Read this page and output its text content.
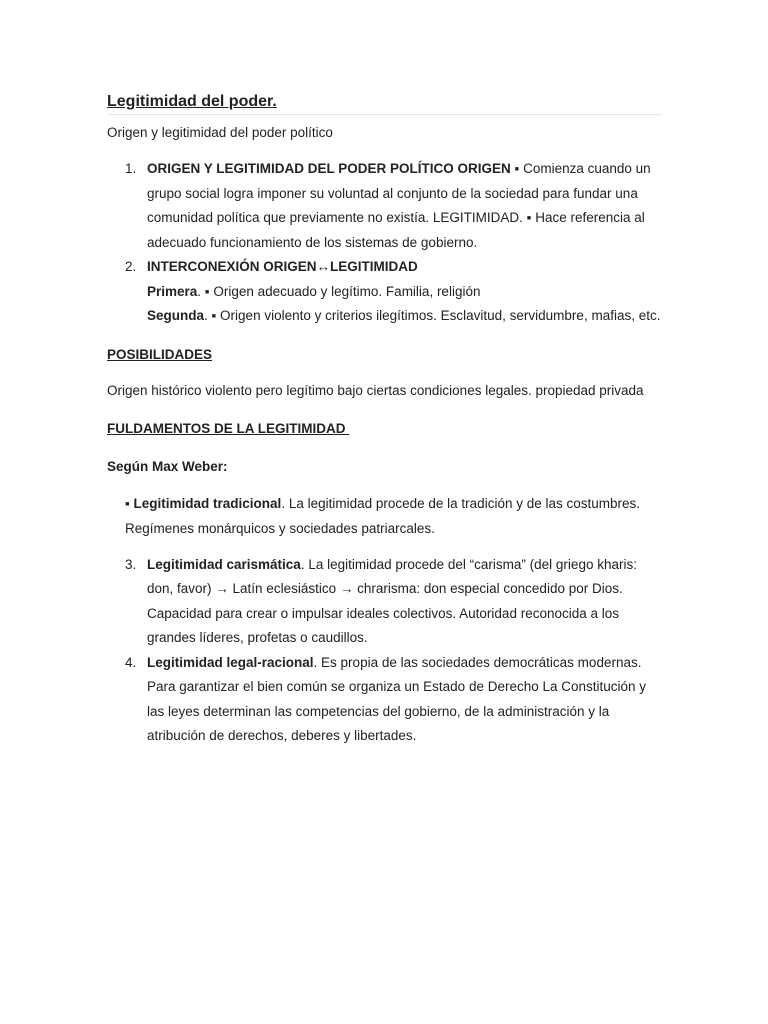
Legitimidad del poder.
Origen y legitimidad del poder político
1. ORIGEN Y LEGITIMIDAD DEL PODER POLÍTICO ORIGEN ▪ Comienza cuando un grupo social logra imponer su voluntad al conjunto de la sociedad para fundar una comunidad política que previamente no existía. LEGITIMIDAD. ▪ Hace referencia al adecuado funcionamiento de los sistemas de gobierno.
2. INTERCONEXIÓN ORIGEN↔LEGITIMIDAD
Primera. ▪ Origen adecuado y legítimo. Familia, religión
Segunda. ▪ Origen violento y criterios ilegítimos. Esclavitud, servidumbre, mafias, etc.
POSIBILIDADES
Origen histórico violento pero legítimo bajo ciertas condiciones legales. propiedad privada
FULDAMENTOS DE LA LEGITIMIDAD
Según Max Weber:
▪ Legitimidad tradicional. La legitimidad procede de la tradición y de las costumbres. Regímenes monárquicos y sociedades patriarcales.
3. Legitimidad carismática. La legitimidad procede del “carisma” (del griego kharis: don, favor) → Latín eclesiástico → chrarisma: don especial concedido por Dios. Capacidad para crear o impulsar ideales colectivos. Autoridad reconocida a los grandes líderes, profetas o caudillos.
4. Legitimidad legal-racional. Es propia de las sociedades democráticas modernas. Para garantizar el bien común se organiza un Estado de Derecho La Constitución y las leyes determinan las competencias del gobierno, de la administración y la atribución de derechos, deberes y libertades.
